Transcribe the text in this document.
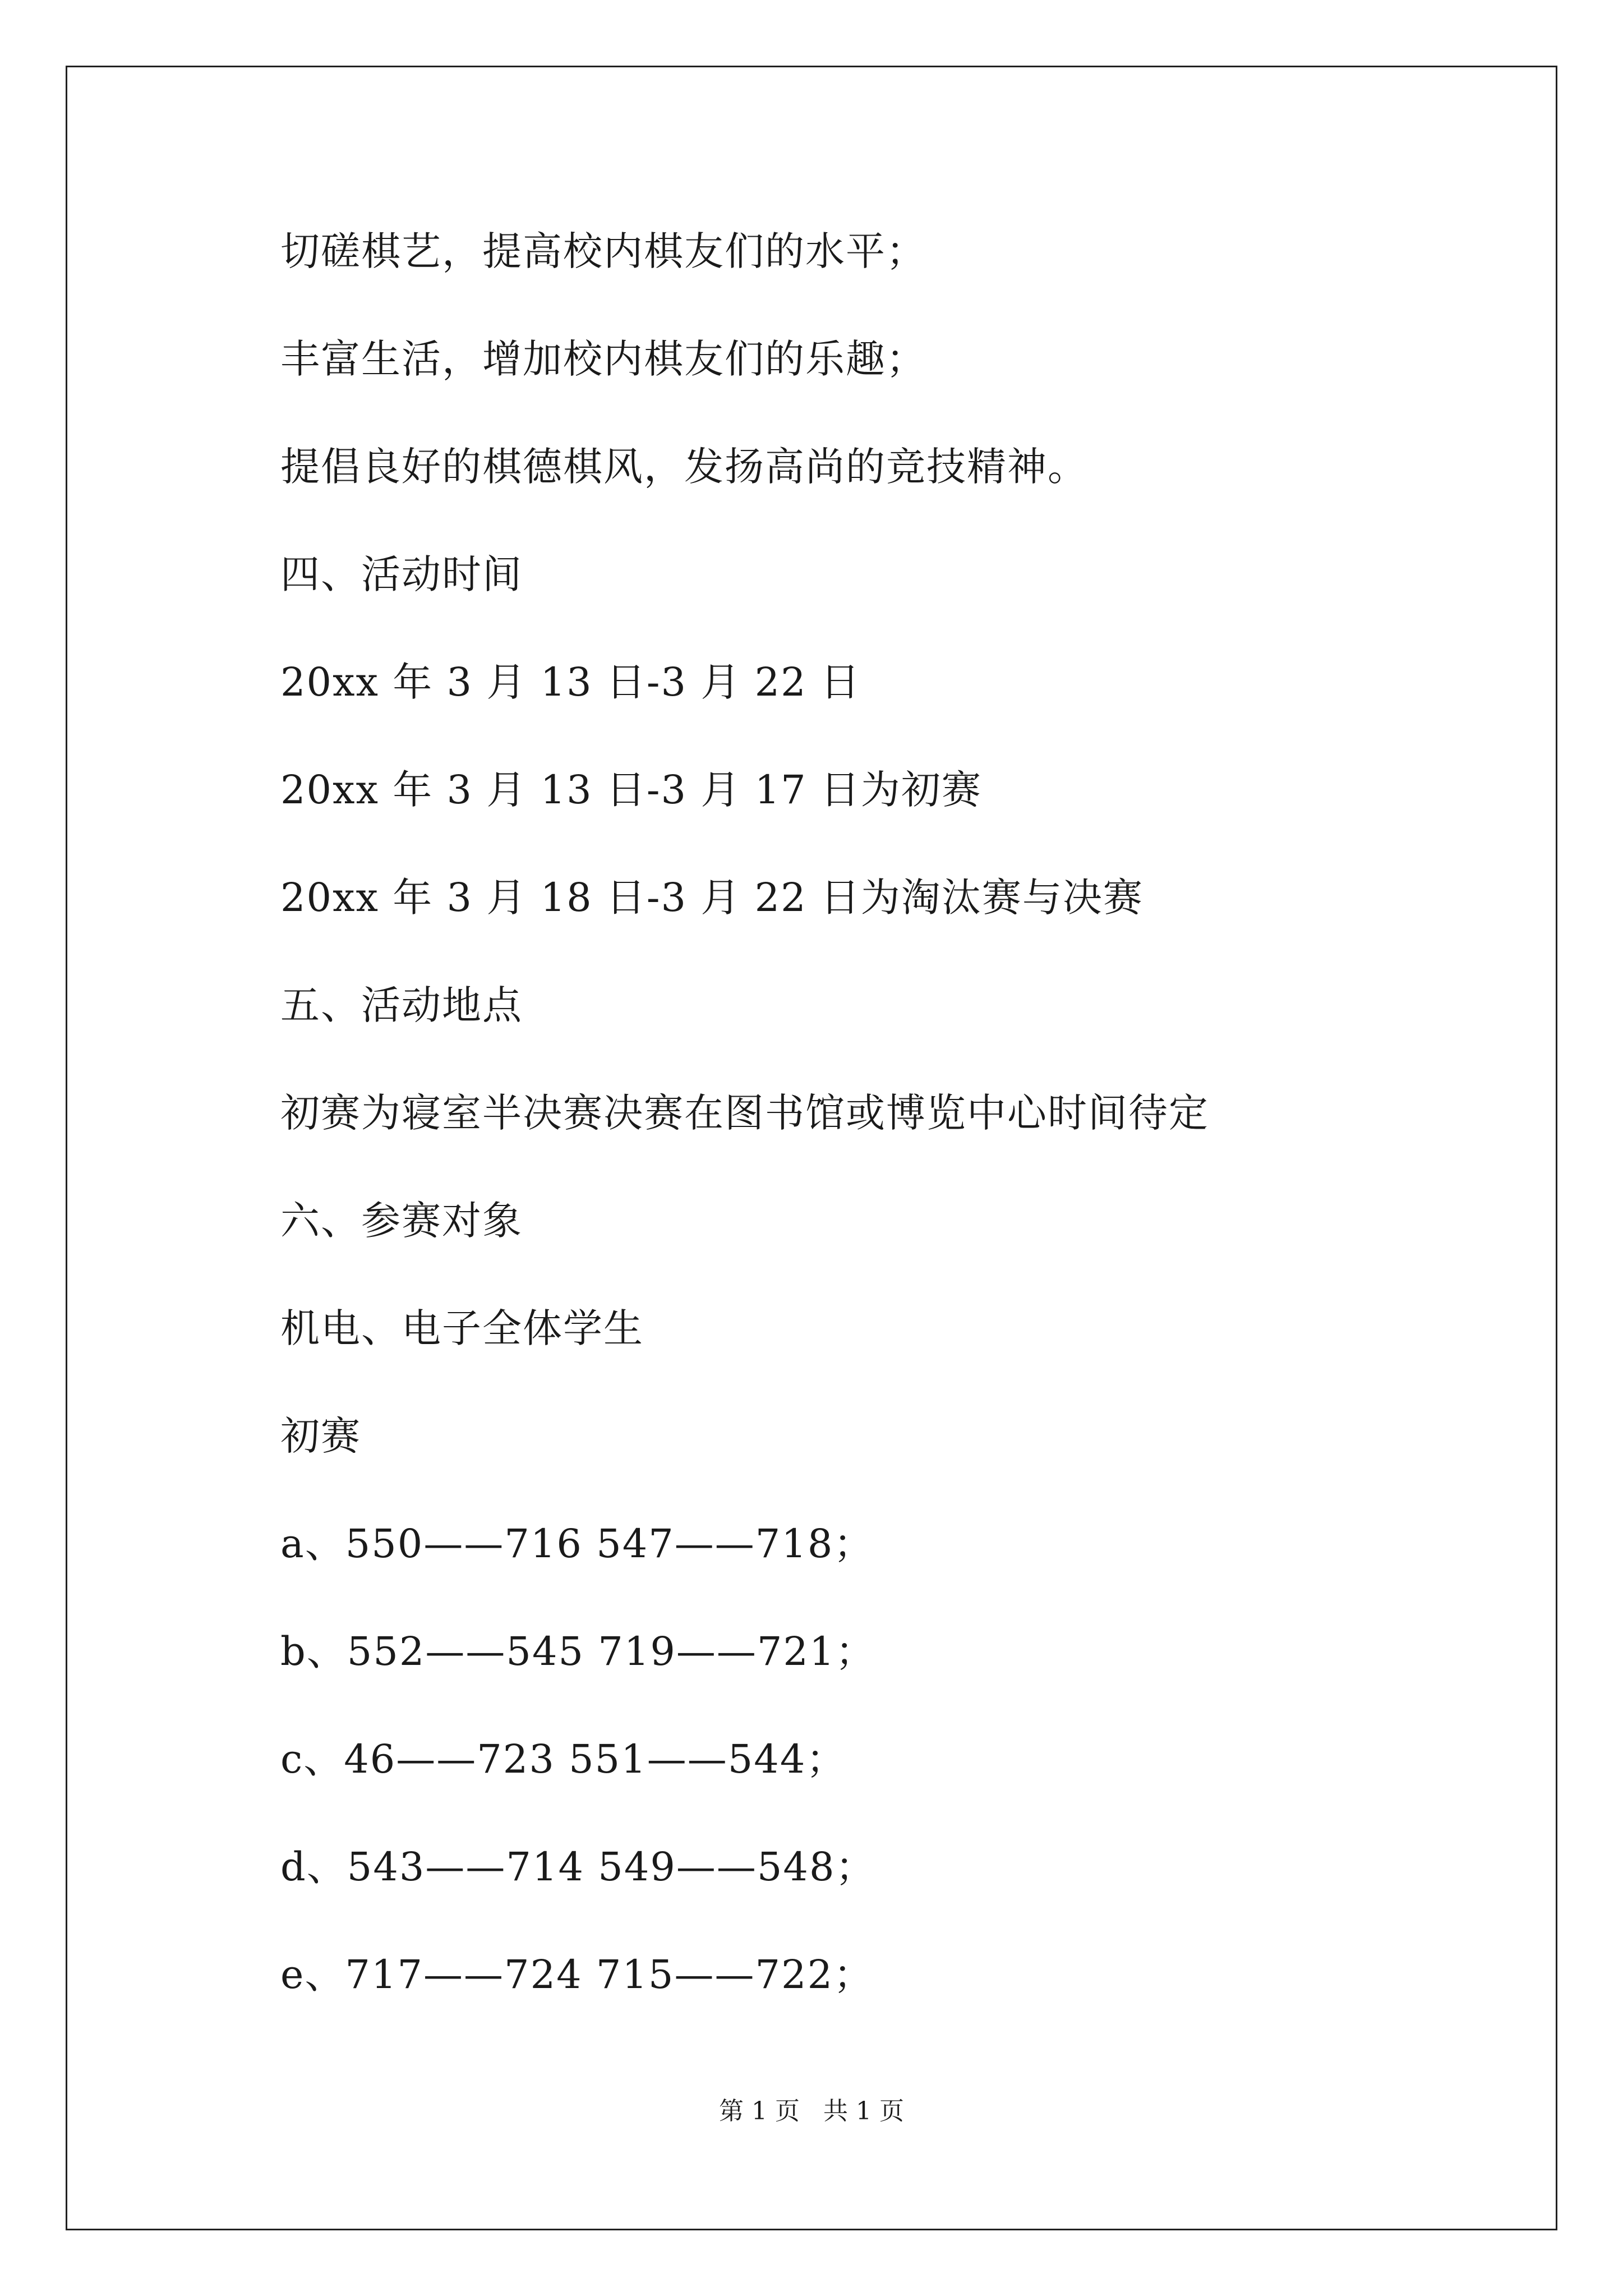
切磋棋艺，提高校内棋友们的水平；
丰富生活，增加校内棋友们的乐趣；
提倡良好的棋德棋风，发扬高尚的竞技精神。
四、活动时间
20xx 年 3 月 13 日-3 月 22 日
20xx 年 3 月 13 日-3 月 17 日为初赛
20xx 年 3 月 18 日-3 月 22 日为淘汰赛与决赛
五、活动地点
初赛为寝室半决赛决赛在图书馆或博览中心时间待定
六、参赛对象
机电、电子全体学生
初赛
a、550——716 547——718；
b、552——545 719——721；
c、46——723 551——544；
d、543——714 549——548；
e、717——724 715——722；
第 1 页   共 1 页
